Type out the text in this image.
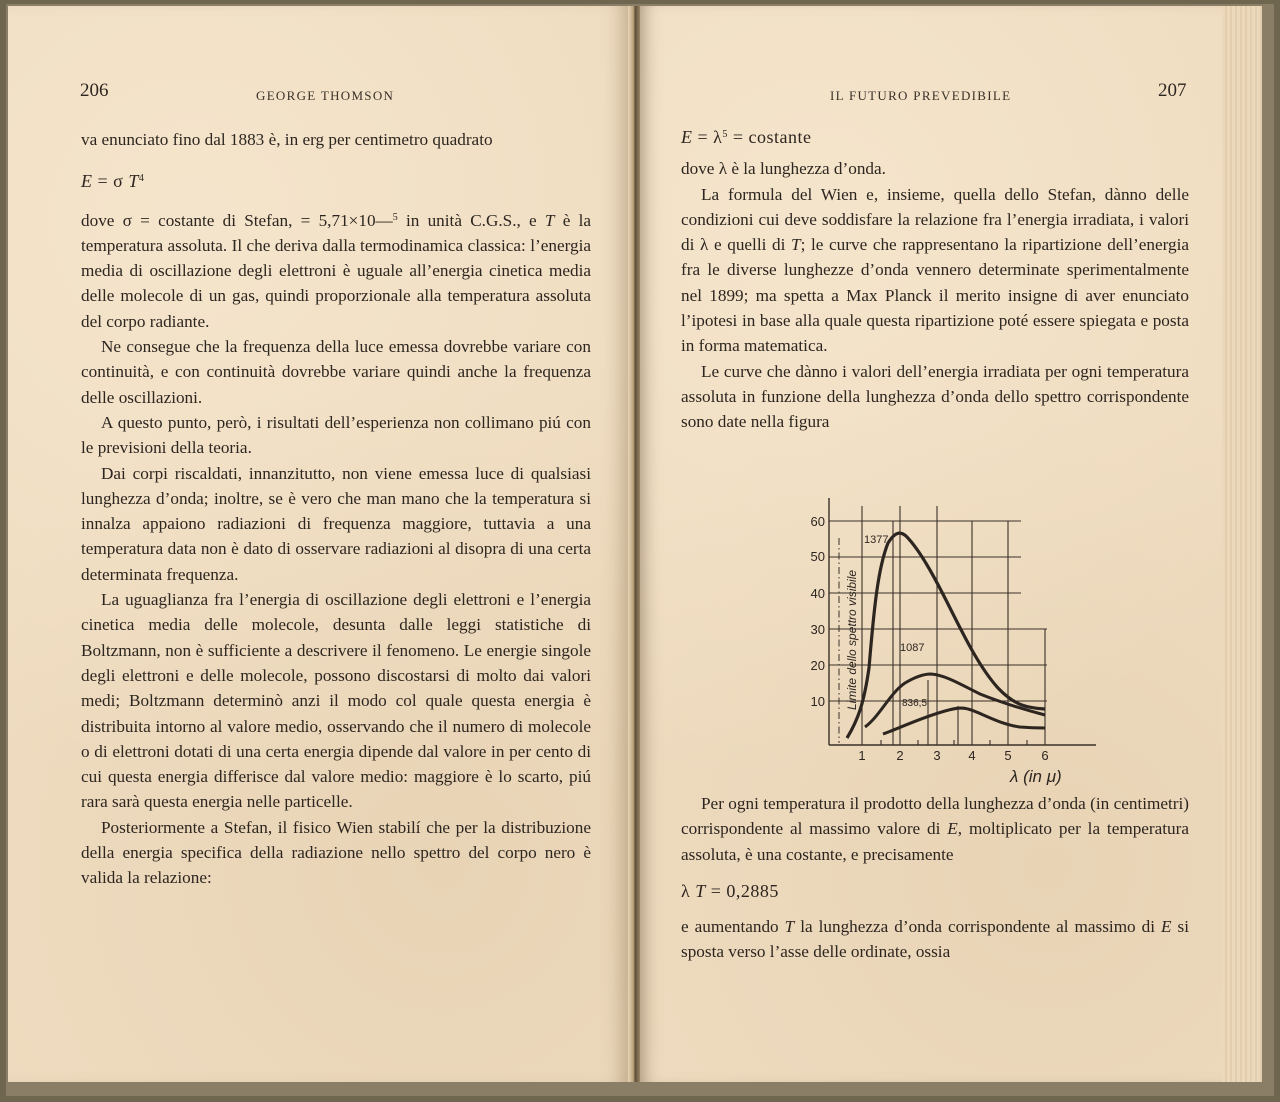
206	GEORGE THOMSON

va enunciato fino dal 1883 è, in erg per centimetro quadrato

E = σ $T^4$

dove σ = costante di Stefan, = 5,71×10—$^5$ in unità C.G.S., e T è la temperatura assoluta. Il che deriva dalla termodinamica classica: l’energia media di oscillazione degli elettroni è uguale all’energia cinetica media delle molecole di un gas, quindi proporzionale alla temperatura assoluta del corpo radiante.

Ne consegue che la frequenza della luce emessa dovrebbe variare con continuità, e con continuità dovrebbe variare quindi anche la frequenza delle oscillazioni.

A questo punto, però, i risultati dell’esperienza non collimano piú con le previsioni della teoria.

Dai corpi riscaldati, innanzitutto, non viene emessa luce di qualsiasi lunghezza d’onda; inoltre, se è vero che man mano che la temperatura si innalza appaiono radiazioni di frequenza maggiore, tuttavia a una temperatura data non è dato di osservare radiazioni al disopra di una certa determinata frequenza.

La uguaglianza fra l’energia di oscillazione degli elettroni e l’energia cinetica media delle molecole, desunta dalle leggi statistiche di Boltzmann, non è sufficiente a descrivere il fenomeno. Le energie singole degli elettroni e delle molecole, possono discostarsi di molto dai valori medi; Boltzmann determinò anzi il modo col quale questa energia è distribuita intorno al valore medio, osservando che il numero di molecole o di elettroni dotati di una certa energia dipende dal valore in per cento di cui questa energia differisce dal valore medio: maggiore è lo scarto, piú rara sarà questa energia nelle particelle.

Posteriormente a Stefan, il fisico Wien stabilí che per la distribuzione della energia specifica della radiazione nello spettro del corpo nero è valida la relazione:

IL FUTURO PREVEDIBILE	207
$E = \lambda^5$ = costante

dove λ è la lunghezza d’onda.

La formula del Wien e, insieme, quella dello Stefan, dànno delle condizioni cui deve soddisfare la relazione fra l’energia irradiata, i valori di λ e quelli di T; le curve che rappresentano la ripartizione dell’energia fra le diverse lunghezze d’onda vennero determinate sperimentalmente nel 1899; ma spetta a Max Planck il merito insigne di aver enunciato l’ipotesi in base alla quale questa ripartizione poté essere spiegata e posta in forma matematica.

Le curve che dànno i valori dell’energia irradiata per ogni temperatura assoluta in funzione della lunghezza d’onda dello spettro corrispondente sono date nella figura

60
50
40
30
20
10
1 2 3 4 5 6
λ (in μ)
1377
1087
836,5
Limite dello spettro visibile

Per ogni temperatura il prodotto della lunghezza d’onda (in centimetri) corrispondente al massimo valore di E, moltiplicato per la temperatura assoluta, è una costante, e precisamente

λ T = 0,2885

e aumentando T la lunghezza d’onda corrispondente al massimo di E si sposta verso l’asse delle ordinate, ossia
